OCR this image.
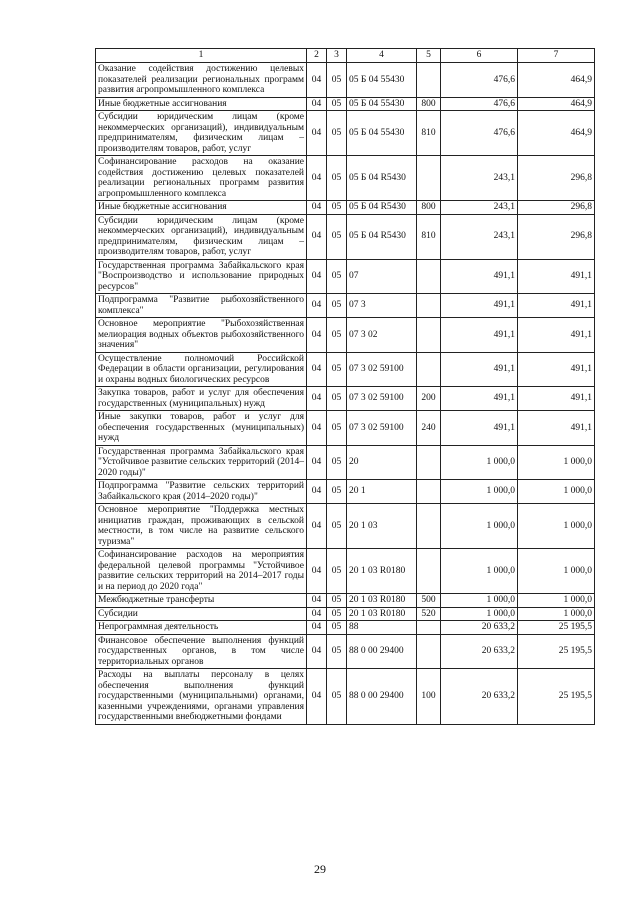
1	2	3	4	5	6	7
Оказание содействия достижению целевых показателей реализации региональных программ развития агропромышленного комплекса	04	05	05 Б 04 55430		476,6	464,9
Иные бюджетные ассигнования	04	05	05 Б 04 55430	800	476,6	464,9
Субсидии юридическим лицам (кроме некоммерческих организаций), индивидуальным предпринимателям, физическим лицам – производителям товаров, работ, услуг	04	05	05 Б 04 55430	810	476,6	464,9
Софинансирование расходов на оказание содействия достижению целевых показателей реализации региональных программ развития агропромышленного комплекса	04	05	05 Б 04 R5430		243,1	296,8
Иные бюджетные ассигнования	04	05	05 Б 04 R5430	800	243,1	296,8
Субсидии юридическим лицам (кроме некоммерческих организаций), индивидуальным предпринимателям, физическим лицам – производителям товаров, работ, услуг	04	05	05 Б 04 R5430	810	243,1	296,8
Государственная программа Забайкальского края "Воспроизводство и использование природных ресурсов"	04	05	07		491,1	491,1
Подпрограмма "Развитие рыбохозяйственного комплекса"	04	05	07 3		491,1	491,1
Основное мероприятие "Рыбохозяйственная мелиорация водных объектов рыбохозяйственного значения"	04	05	07 3 02		491,1	491,1
Осуществление полномочий Российской Федерации в области организации, регулирования и охраны водных биологических ресурсов	04	05	07 3 02 59100		491,1	491,1
Закупка товаров, работ и услуг для обеспечения государственных (муниципальных) нужд	04	05	07 3 02 59100	200	491,1	491,1
Иные закупки товаров, работ и услуг для обеспечения государственных (муниципальных) нужд	04	05	07 3 02 59100	240	491,1	491,1
Государственная программа Забайкальского края "Устойчивое развитие сельских территорий (2014–2020 годы)"	04	05	20		1 000,0	1 000,0
Подпрограмма "Развитие сельских территорий Забайкальского края (2014–2020 годы)"	04	05	20 1		1 000,0	1 000,0
Основное мероприятие "Поддержка местных инициатив граждан, проживающих в сельской местности, в том числе на развитие сельского туризма"	04	05	20 1 03		1 000,0	1 000,0
Софинансирование расходов на мероприятия федеральной целевой программы "Устойчивое развитие сельских территорий на 2014–2017 годы и на период до 2020 года"	04	05	20 1 03 R0180		1 000,0	1 000,0
Межбюджетные трансферты	04	05	20 1 03 R0180	500	1 000,0	1 000,0
Субсидии	04	05	20 1 03 R0180	520	1 000,0	1 000,0
Непрограммная деятельность	04	05	88		20 633,2	25 195,5
Финансовое обеспечение выполнения функций государственных органов, в том числе территориальных органов	04	05	88 0 00 29400		20 633,2	25 195,5
Расходы на выплаты персоналу в целях обеспечения выполнения функций государственными (муниципальными) органами, казенными учреждениями, органами управления государственными внебюджетными фондами	04	05	88 0 00 29400	100	20 633,2	25 195,5
29
